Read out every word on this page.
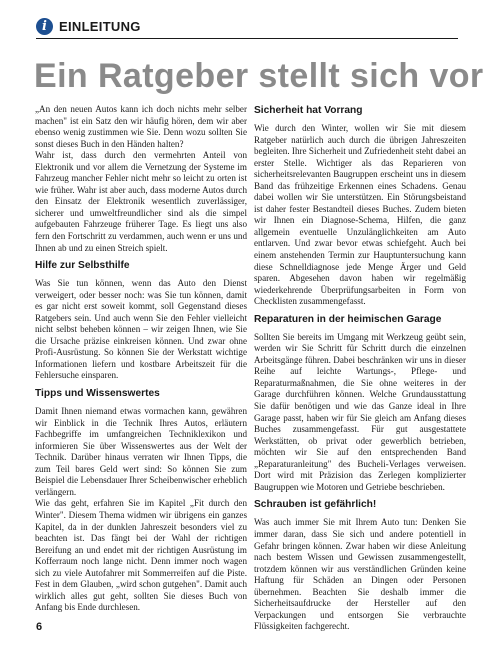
i EINLEITUNG
Ein Ratgeber stellt sich vor

„An den neuen Autos kann ich doch nichts mehr selber machen" ist ein Satz den wir häufig hören, dem wir aber ebenso wenig zustimmen wie Sie. Denn wozu sollten Sie sonst dieses Buch in den Händen halten?

Wahr ist, dass durch den vermehrten Anteil von Elektronik und vor allem die Vernetzung der Systeme im Fahrzeug mancher Fehler nicht mehr so leicht zu orten ist wie früher. Wahr ist aber auch, dass moderne Autos durch den Einsatz der Elektronik wesentlich zuverlässiger, sicherer und umweltfreundlicher sind als die simpel aufgebauten Fahrzeuge früherer Tage. Es liegt uns also fern den Fortschritt zu verdammen, auch wenn er uns und Ihnen ab und zu einen Streich spielt.

Hilfe zur Selbsthilfe

Was Sie tun können, wenn das Auto den Dienst verweigert, oder besser noch: was Sie tun können, damit es gar nicht erst soweit kommt, soll Gegenstand dieses Ratgebers sein. Und auch wenn Sie den Fehler vielleicht nicht selbst beheben können – wir zeigen Ihnen, wie Sie die Ursache präzise einkreisen können. Und zwar ohne Profi-Ausrüstung. So können Sie der Werkstatt wichtige Informationen liefern und kostbare Arbeitszeit für die Fehlersuche einsparen.

Tipps und Wissenswertes

Damit Ihnen niemand etwas vormachen kann, gewähren wir Einblick in die Technik Ihres Autos, erläutern Fachbegriffe im umfangreichen Techniklexikon und informieren Sie über Wissenswertes aus der Welt der Technik. Darüber hinaus verraten wir Ihnen Tipps, die zum Teil bares Geld wert sind: So können Sie zum Beispiel die Lebensdauer Ihrer Scheibenwischer erheblich verlängern.

Wie das geht, erfahren Sie im Kapitel „Fit durch den Winter". Diesem Thema widmen wir übrigens ein ganzes Kapitel, da in der dunklen Jahreszeit besonders viel zu beachten ist. Das fängt bei der Wahl der richtigen Bereifung an und endet mit der richtigen Ausrüstung im Kofferraum noch lange nicht. Denn immer noch wagen sich zu viele Autofahrer mit Sommerreifen auf die Piste. Fest in dem Glauben, „wird schon gutgehen". Damit auch wirklich alles gut geht, sollten Sie dieses Buch von Anfang bis Ende durchlesen.

Sicherheit hat Vorrang

Wie durch den Winter, wollen wir Sie mit diesem Ratgeber natürlich auch durch die übrigen Jahreszeiten begleiten. Ihre Sicherheit und Zufriedenheit steht dabei an erster Stelle. Wichtiger als das Reparieren von sicherheitsrelevanten Baugruppen erscheint uns in diesem Band das frühzeitige Erkennen eines Schadens. Genau dabei wollen wir Sie unterstützen. Ein Störungsbeistand ist daher fester Bestandteil dieses Buches. Zudem bieten wir Ihnen ein Diagnose-Schema, Hilfen, die ganz allgemein eventuelle Unzulänglichkeiten am Auto entlarven. Und zwar bevor etwas schiefgeht. Auch bei einem anstehenden Termin zur Hauptuntersuchung kann diese Schnelldiagnose jede Menge Ärger und Geld sparen. Abgesehen davon haben wir regelmäßig wiederkehrende Überprüfungsarbeiten in Form von Checklisten zusammengefasst.

Reparaturen in der heimischen Garage

Sollten Sie bereits im Umgang mit Werkzeug geübt sein, werden wir Sie Schritt für Schritt durch die einzelnen Arbeitsgänge führen. Dabei beschränken wir uns in dieser Reihe auf leichte Wartungs-, Pflege- und Reparaturmaßnahmen, die Sie ohne weiteres in der Garage durchführen können. Welche Grundausstattung Sie dafür benötigen und wie das Ganze ideal in Ihre Garage passt, haben wir für Sie gleich am Anfang dieses Buches zusammengefasst. Für gut ausgestattete Werkstätten, ob privat oder gewerblich betrieben, möchten wir Sie auf den entsprechenden Band „Reparaturanleitung" des Bucheli-Verlages verweisen. Dort wird mit Präzision das Zerlegen komplizierter Baugruppen wie Motoren und Getriebe beschrieben.

Schrauben ist gefährlich!

Was auch immer Sie mit Ihrem Auto tun: Denken Sie immer daran, dass Sie sich und andere potentiell in Gefahr bringen können. Zwar haben wir diese Anleitung nach bestem Wissen und Gewissen zusammengestellt, trotzdem können wir aus verständlichen Gründen keine Haftung für Schäden an Dingen oder Personen übernehmen. Beachten Sie deshalb immer die Sicherheitsaufdrucke der Hersteller auf den Verpackungen und entsorgen Sie verbrauchte Flüssigkeiten fachgerecht.

6
